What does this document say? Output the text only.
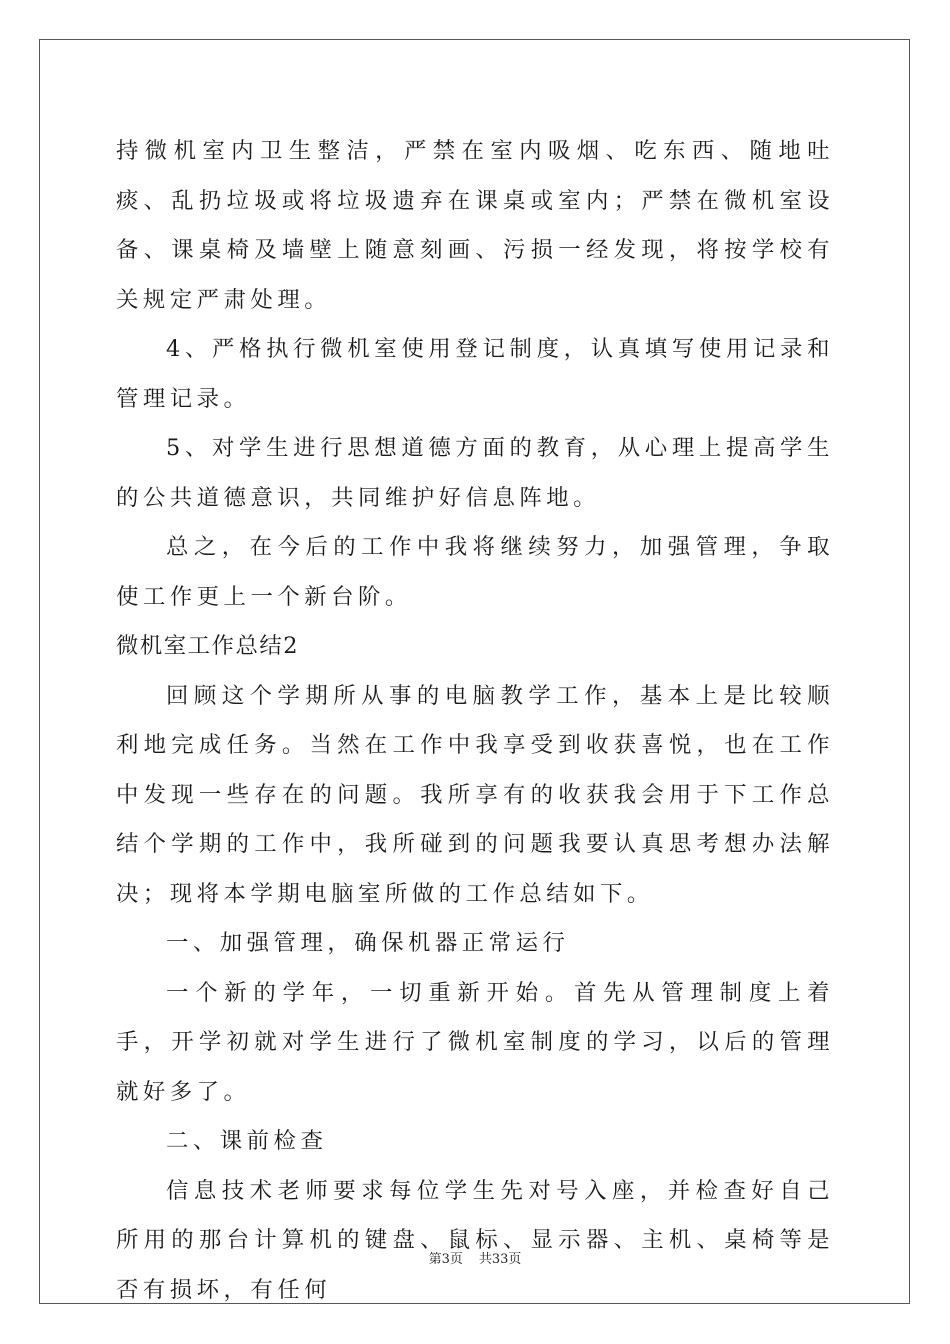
持微机室内卫生整洁，严禁在室内吸烟、吃东西、随地吐痰、乱扔垃圾或将垃圾遗弃在课桌或室内；严禁在微机室设备、课桌椅及墙壁上随意刻画、污损一经发现，将按学校有关规定严肃处理。

4、严格执行微机室使用登记制度，认真填写使用记录和管理记录。

5、对学生进行思想道德方面的教育，从心理上提高学生的公共道德意识，共同维护好信息阵地。

总之，在今后的工作中我将继续努力，加强管理，争取使工作更上一个新台阶。

微机室工作总结2

回顾这个学期所从事的电脑教学工作，基本上是比较顺利地完成任务。当然在工作中我享受到收获喜悦，也在工作中发现一些存在的问题。我所享有的收获我会用于下工作总结个学期的工作中，我所碰到的问题我要认真思考想办法解决；现将本学期电脑室所做的工作总结如下。

一、加强管理，确保机器正常运行

一个新的学年，一切重新开始。首先从管理制度上着手，开学初就对学生进行了微机室制度的学习，以后的管理就好多了。

二、课前检查

信息技术老师要求每位学生先对号入座，并检查好自己所用的那台计算机的键盘、鼠标、显示器、主机、桌椅等是否有损坏，有任何

第3页 共33页
